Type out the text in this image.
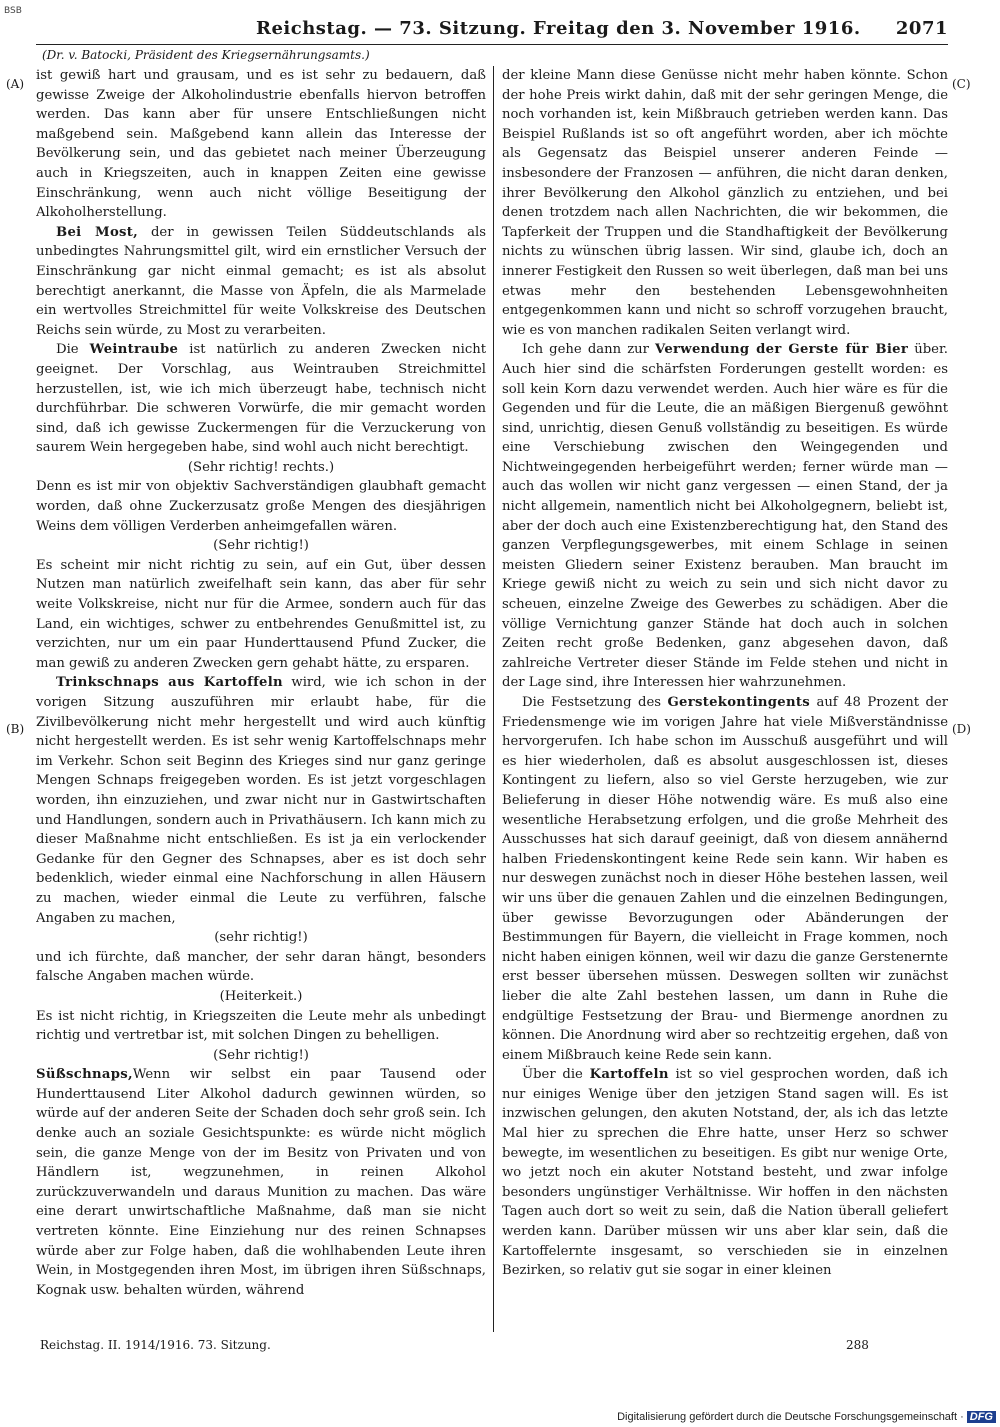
BSB
Reichstag. — 73. Sitzung. Freitag den 3. November 1916. 2071
(Dr. v. Batocki, Präsident des Kriegsernährungsamts.)

ist gewiß hart und grausam, und es ist sehr zu bedauern, daß gewisse Zweige der Alkoholindustrie ebenfalls hiervon betroffen werden. Das kann aber für unsere Entschließungen nicht maßgebend sein. Maßgebend kann allein das Interesse der Bevölkerung sein, und das gebietet nach meiner Überzeugung auch in Kriegszeiten, auch in knappen Zeiten eine gewisse Einschränkung, wenn auch nicht völlige Beseitigung der Alkoholherstellung.

Bei Most, der in gewissen Teilen Süddeutschlands als unbedingtes Nahrungsmittel gilt, wird ein ernstlicher Versuch der Einschränkung gar nicht einmal gemacht; es ist als absolut berechtigt anerkannt, die Masse von Äpfeln, die als Marmelade ein wertvolles Streichmittel für weite Volkskreise des Deutschen Reichs sein würde, zu Most zu verarbeiten.

Die Weintraube ist natürlich zu anderen Zwecken nicht geeignet. Der Vorschlag, aus Weintrauben Streichmittel herzustellen, ist, wie ich mich überzeugt habe, technisch nicht durchführbar. Die schweren Vorwürfe, die mir gemacht worden sind, daß ich gewisse Zuckermengen für die Verzuckerung von saurem Wein hergegeben habe, sind wohl auch nicht berechtigt.

(Sehr richtig! rechts.)

Denn es ist mir von objektiv Sachverständigen glaubhaft gemacht worden, daß ohne Zuckerzusatz große Mengen des diesjährigen Weins dem völligen Verderben anheimgefallen wären.

(Sehr richtig!)

Es scheint mir nicht richtig zu sein, auf ein Gut, über dessen Nutzen man natürlich zweifelhaft sein kann, das aber für sehr weite Volkskreise, nicht nur für die Armee, sondern auch für das Land, ein wichtiges, schwer zu entbehrendes Genußmittel ist, zu verzichten, nur um ein paar Hunderttausend Pfund Zucker, die man gewiß zu anderen Zwecken gern gehabt hätte, zu ersparen.

Trinkschnaps aus Kartoffeln wird, wie ich schon in der vorigen Sitzung auszuführen mir erlaubt habe, für die Zivilbevölkerung nicht mehr hergestellt und wird auch künftig nicht hergestellt werden. Es ist sehr wenig Kartoffelschnaps mehr im Verkehr. Schon seit Beginn des Krieges sind nur ganz geringe Mengen Schnaps freigegeben worden. Es ist jetzt vorgeschlagen worden, ihn einzuziehen, und zwar nicht nur in Gastwirtschaften und Handlungen, sondern auch in Privathäusern. Ich kann mich zu dieser Maßnahme nicht entschließen. Es ist ja ein verlockender Gedanke für den Gegner des Schnapses, aber es ist doch sehr bedenklich, wieder einmal eine Nachforschung in allen Häusern zu machen, wieder einmal die Leute zu verführen, falsche Angaben zu machen,

(sehr richtig!)

und ich fürchte, daß mancher, der sehr daran hängt, besonders falsche Angaben machen würde.

(Heiterkeit.)

Es ist nicht richtig, in Kriegszeiten die Leute mehr als unbedingt richtig und vertretbar ist, mit solchen Dingen zu behelligen.

(Sehr richtig!)

Süßschnaps,Wenn wir selbst ein paar Tausend oder Hunderttausend Liter Alkohol dadurch gewinnen würden, so würde auf der anderen Seite der Schaden doch sehr groß sein. Ich denke auch an soziale Gesichtspunkte: es würde nicht möglich sein, die ganze Menge von der im Besitz von Privaten und von Händlern ist, wegzunehmen, in reinen Alkohol zurückzuverwandeln und daraus Munition zu machen. Das wäre eine derart unwirtschaftliche Maßnahme, daß man sie nicht vertreten könnte. Eine Einziehung nur des reinen Schnapses würde aber zur Folge haben, daß die wohlhabenden Leute ihren Wein, in Mostgegenden ihren Most, im übrigen ihren Süßschnaps, Kognak usw. behalten würden, während

der kleine Mann diese Genüsse nicht mehr haben könnte. Schon der hohe Preis wirkt dahin, daß mit der sehr geringen Menge, die noch vorhanden ist, kein Mißbrauch getrieben werden kann. Das Beispiel Rußlands ist so oft angeführt worden, aber ich möchte als Gegensatz das Beispiel unserer anderen Feinde — insbesondere der Franzosen — anführen, die nicht daran denken, ihrer Bevölkerung den Alkohol gänzlich zu entziehen, und bei denen trotzdem nach allen Nachrichten, die wir bekommen, die Tapferkeit der Truppen und die Standhaftigkeit der Bevölkerung nichts zu wünschen übrig lassen. Wir sind, glaube ich, doch an innerer Festigkeit den Russen so weit überlegen, daß man bei uns etwas mehr den bestehenden Lebensgewohnheiten entgegenkommen kann und nicht so schroff vorzugehen braucht, wie es von manchen radikalen Seiten verlangt wird.

Ich gehe dann zur Verwendung der Gerste für Bier über. Auch hier sind die schärfsten Forderungen gestellt worden: es soll kein Korn dazu verwendet werden. Auch hier wäre es für die Gegenden und für die Leute, die an mäßigen Biergenuß gewöhnt sind, unrichtig, diesen Genuß vollständig zu beseitigen. Es würde eine Verschiebung zwischen den Weingegenden und Nichtweingegenden herbeigeführt werden; ferner würde man — auch das wollen wir nicht ganz vergessen — einen Stand, der ja nicht allgemein, namentlich nicht bei Alkoholgegnern, beliebt ist, aber der doch auch eine Existenzberechtigung hat, den Stand des ganzen Verpflegungsgewerbes, mit einem Schlage in seinen meisten Gliedern seiner Existenz berauben. Man braucht im Kriege gewiß nicht zu weich zu sein und sich nicht davor zu scheuen, einzelne Zweige des Gewerbes zu schädigen. Aber die völlige Vernichtung ganzer Stände hat doch auch in solchen Zeiten recht große Bedenken, ganz abgesehen davon, daß zahlreiche Vertreter dieser Stände im Felde stehen und nicht in der Lage sind, ihre Interessen hier wahrzunehmen.

Die Festsetzung des Gerstekontingents auf 48 Prozent der Friedensmenge wie im vorigen Jahre hat viele Mißverständnisse hervorgerufen. Ich habe schon im Ausschuß ausgeführt und will es hier wiederholen, daß es absolut ausgeschlossen ist, dieses Kontingent zu liefern, also so viel Gerste herzugeben, wie zur Belieferung in dieser Höhe notwendig wäre. Es muß also eine wesentliche Herabsetzung erfolgen, und die große Mehrheit des Ausschusses hat sich darauf geeinigt, daß von diesem annähernd halben Friedenskontingent keine Rede sein kann. Wir haben es nur deswegen zunächst noch in dieser Höhe bestehen lassen, weil wir uns über die genauen Zahlen und die einzelnen Bedingungen, über gewisse Bevorzugungen oder Abänderungen der Bestimmungen für Bayern, die vielleicht in Frage kommen, noch nicht haben einigen können, weil wir dazu die ganze Gerstenernte erst besser übersehen müssen. Deswegen sollten wir zunächst lieber die alte Zahl bestehen lassen, um dann in Ruhe die endgültige Festsetzung der Brau- und Biermenge anordnen zu können. Die Anordnung wird aber so rechtzeitig ergehen, daß von einem Mißbrauch keine Rede sein kann.

Über die Kartoffeln ist so viel gesprochen worden, daß ich nur einiges Wenige über den jetzigen Stand sagen will. Es ist inzwischen gelungen, den akuten Notstand, der, als ich das letzte Mal hier zu sprechen die Ehre hatte, unser Herz so schwer bewegte, im wesentlichen zu beseitigen. Es gibt nur wenige Orte, wo jetzt noch ein akuter Notstand besteht, und zwar infolge besonders ungünstiger Verhältnisse. Wir hoffen in den nächsten Tagen auch dort so weit zu sein, daß die Nation überall geliefert werden kann. Darüber müssen wir uns aber klar sein, daß die Kartoffelernte insgesamt, so verschieden sie in einzelnen Bezirken, so relativ gut sie sogar in einer kleinen

(A)
(B)
(C)
(D)
Reichstag. II. 1914/1916. 73. Sitzung.	288
Digitalisierung gefördert durch die Deutsche Forschungsgemeinschaft · DFG
